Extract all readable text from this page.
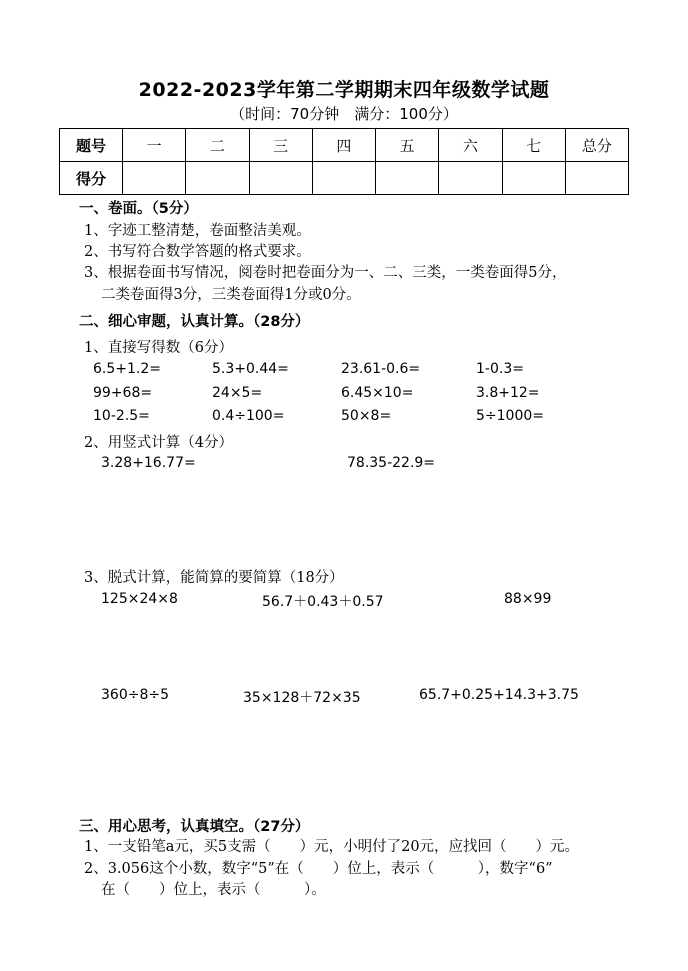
2022-2023学年第二学期期末四年级数学试题
（时间：70分钟　满分：100分）
题号	一	二	三	四	五	六	七	总分
得分								
一、卷面。（5分）
1、字迹工整清楚，卷面整洁美观。
2、书写符合数学答题的格式要求。
3、根据卷面书写情况，阅卷时把卷面分为一、二、三类，一类卷面得5分，
二类卷面得3分，三类卷面得1分或0分。
二、细心审题，认真计算。（28分）
1、直接写得数（6分）
6.5+1.2=	5.3+0.44=	23.61-0.6=	1-0.3=
99+68=	24×5=	6.45×10=	3.8+12=
10-2.5=	0.4÷100=	50×8=	5÷1000=
2、用竖式计算（4分）
3.28+16.77=	78.35-22.9=
3、脱式计算，能简算的要简算（18分）
125×24×8	56.7＋0.43＋0.57	88×99
360÷8÷5	35×128＋72×35	65.7+0.25+14.3+3.75
三、用心思考，认真填空。（27分）
1、一支铅笔a元，买5支需（　　）元，小明付了20元，应找回（　　）元。
2、3.056这个小数，数字“5”在（　　）位上，表示（　　　），数字“6”
在（　　）位上，表示（　　　）。
